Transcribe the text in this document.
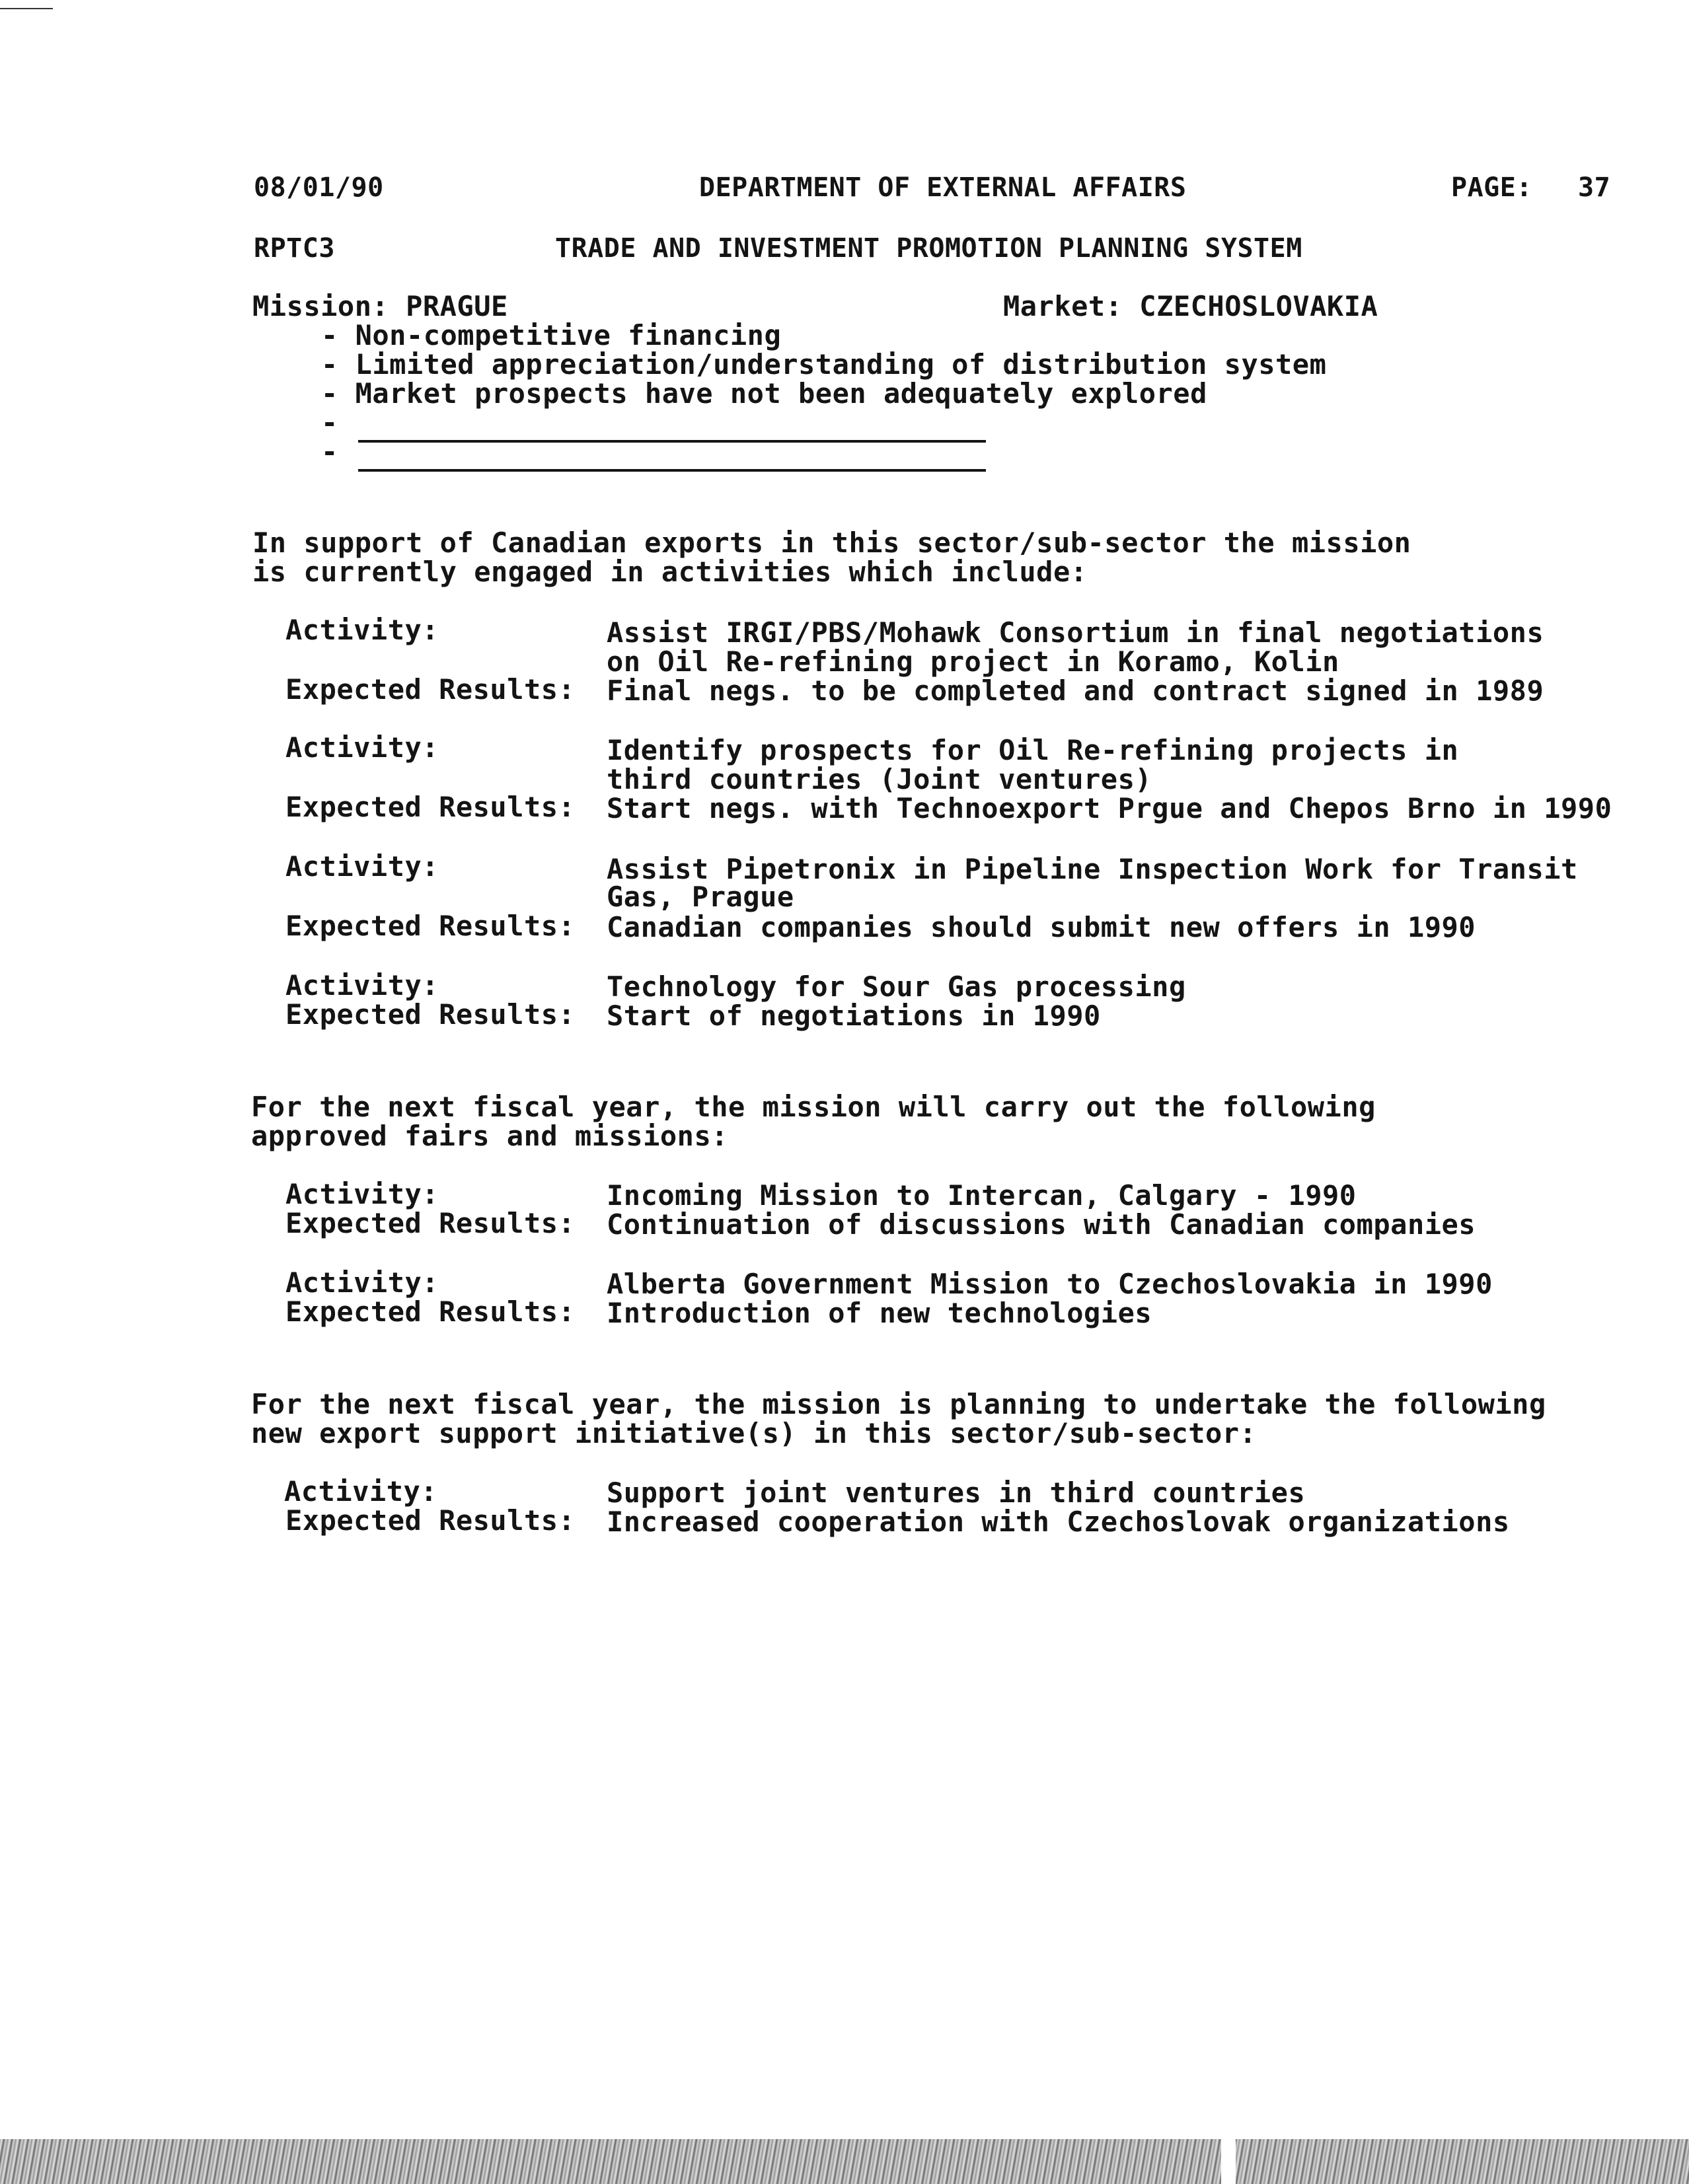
08/01/90	DEPARTMENT OF EXTERNAL AFFAIRS	PAGE: 37
RPTC3	TRADE AND INVESTMENT PROMOTION PLANNING SYSTEM
Mission: PRAGUE	Market: CZECHOSLOVAKIA
- Non-competitive financing
- Limited appreciation/understanding of distribution system
- Market prospects have not been adequately explored
-
-
In support of Canadian exports in this sector/sub-sector the mission
is currently engaged in activities which include:
Activity:	Assist IRGI/PBS/Mohawk Consortium in final negotiations
on Oil Re-refining project in Koramo, Kolin
Expected Results: Final negs. to be completed and contract signed in 1989
Activity:	Identify prospects for Oil Re-refining projects in
third countries (Joint ventures)
Expected Results: Start negs. with Technoexport Prgue and Chepos Brno in 1990
Activity:	Assist Pipetronix in Pipeline Inspection Work for Transit
Gas, Prague
Expected Results: Canadian companies should submit new offers in 1990
Activity:	Technology for Sour Gas processing
Expected Results: Start of negotiations in 1990
For the next fiscal year, the mission will carry out the following
approved fairs and missions:
Activity:	Incoming Mission to Intercan, Calgary - 1990
Expected Results: Continuation of discussions with Canadian companies
Activity:	Alberta Government Mission to Czechoslovakia in 1990
Expected Results: Introduction of new technologies
For the next fiscal year, the mission is planning to undertake the following
new export support initiative(s) in this sector/sub-sector:
Activity:	Support joint ventures in third countries
Expected Results: Increased cooperation with Czechoslovak organizations
